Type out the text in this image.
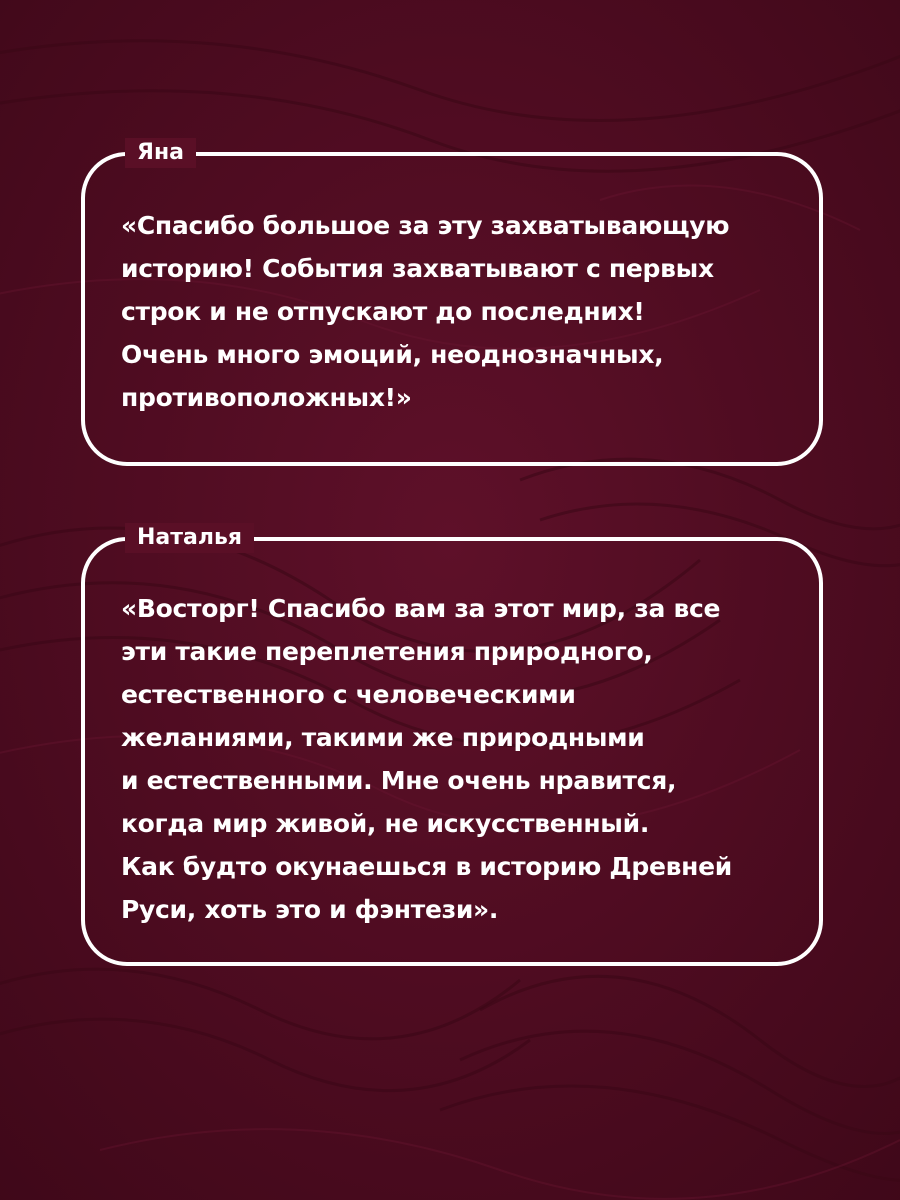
Яна
«Спасибо большое за эту захватывающую
историю! События захватывают с первых
строк и не отпускают до последних!
Очень много эмоций, неоднозначных,
противоположных!»
Наталья
«Восторг! Спасибо вам за этот мир, за все
эти такие переплетения природного,
естественного с человеческими
желаниями, такими же природными
и естественными. Мне очень нравится,
когда мир живой, не искусственный.
Как будто окунаешься в историю Древней
Руси, хоть это и фэнтези».
